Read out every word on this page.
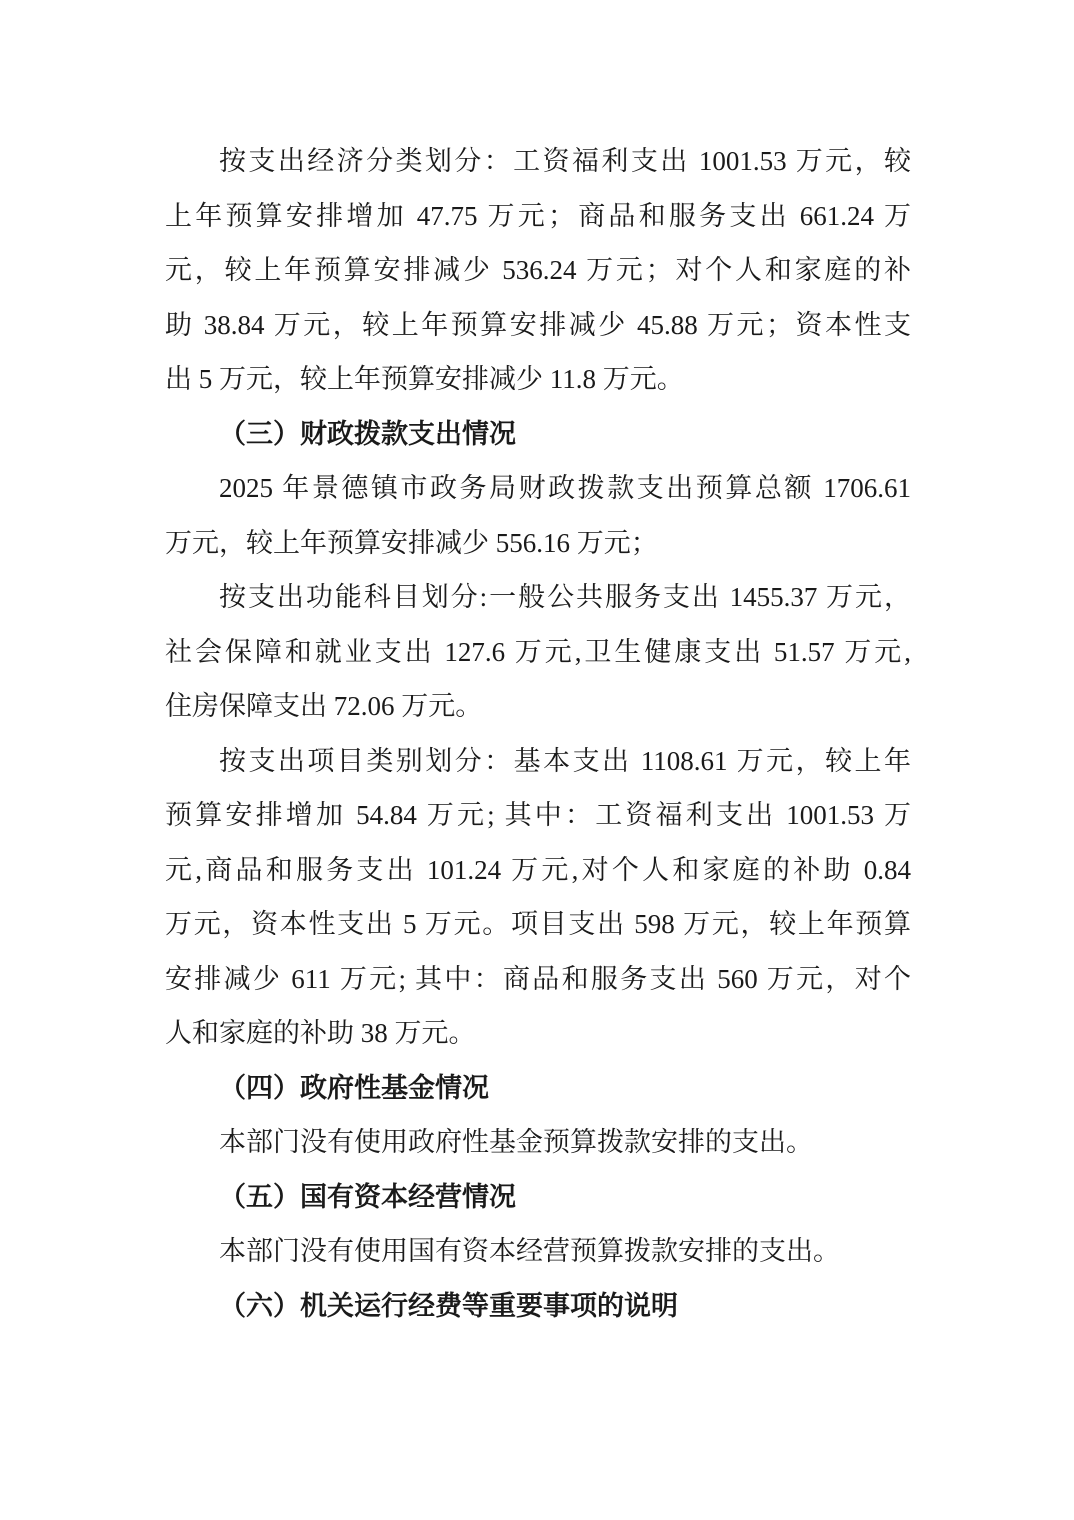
按支出经济分类划分：工资福利支出 1001.53 万元，较
上年预算安排增加 47.75 万元；商品和服务支出 661.24 万
元，较上年预算安排减少 536.24 万元；对个人和家庭的补
助 38.84 万元，较上年预算安排减少 45.88 万元；资本性支
出 5 万元，较上年预算安排减少 11.8 万元。
（三）财政拨款支出情况
2025 年景德镇市政务局财政拨款支出预算总额 1706.61
万元，较上年预算安排减少 556.16 万元；
按支出功能科目划分:一般公共服务支出 1455.37 万元，
社会保障和就业支出 127.6 万元,卫生健康支出 51.57 万元,
住房保障支出 72.06 万元。
按支出项目类别划分：基本支出 1108.61 万元，较上年
预算安排增加 54.84 万元; 其中：工资福利支出 1001.53 万
元,商品和服务支出 101.24 万元,对个人和家庭的补助 0.84
万元，资本性支出 5 万元。项目支出 598 万元，较上年预算
安排减少 611 万元; 其中：商品和服务支出 560 万元，对个
人和家庭的补助 38 万元。
（四）政府性基金情况
本部门没有使用政府性基金预算拨款安排的支出。
（五）国有资本经营情况
本部门没有使用国有资本经营预算拨款安排的支出。
（六）机关运行经费等重要事项的说明
